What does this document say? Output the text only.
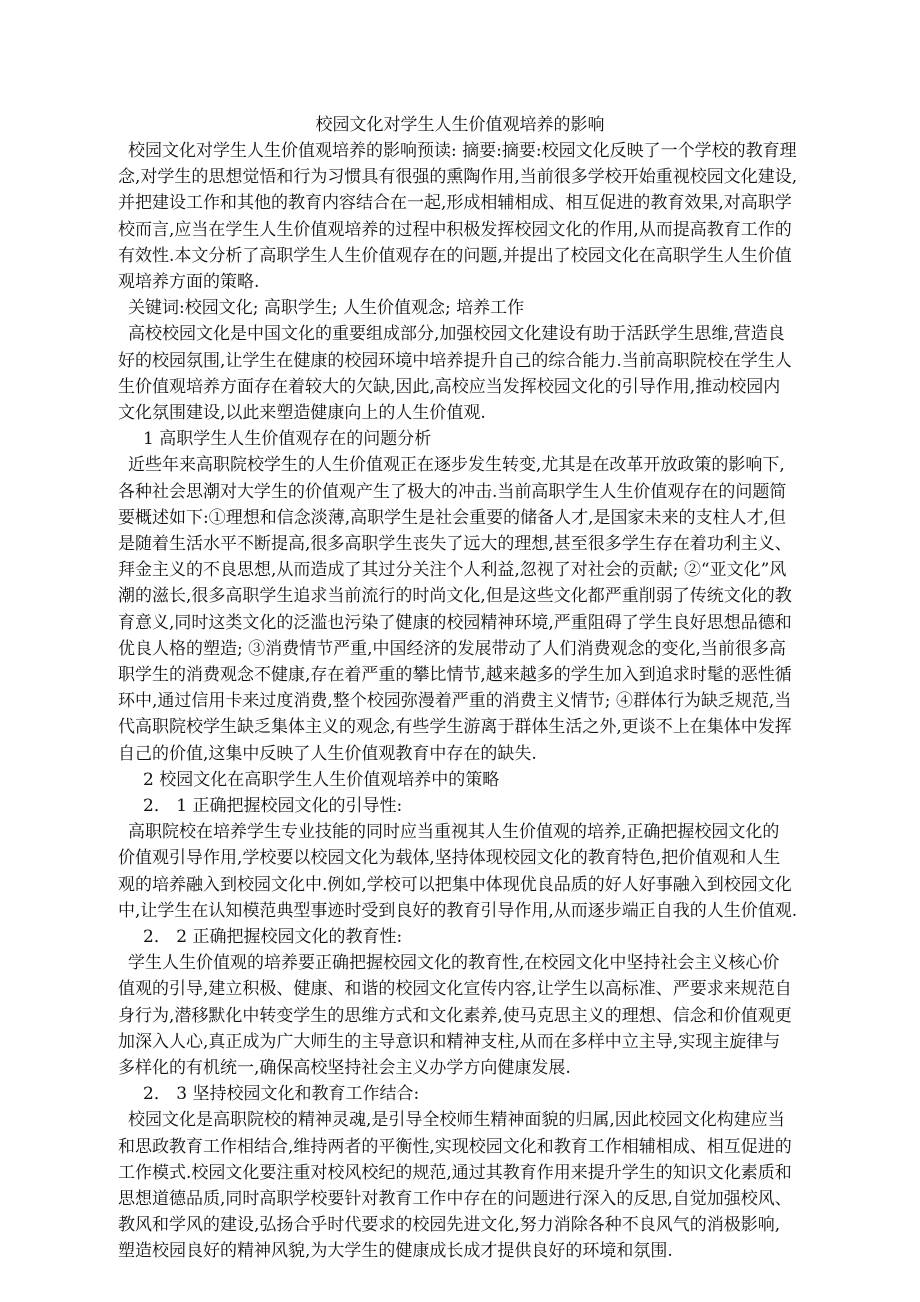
校园文化对学生人生价值观培养的影响
校园文化对学生人生价值观培养的影响预读: 摘要:摘要:校园文化反映了一个学校的教育理
念,对学生的思想觉悟和行为习惯具有很强的熏陶作用,当前很多学校开始重视校园文化建设,
并把建设工作和其他的教育内容结合在一起,形成相辅相成、相互促进的教育效果,对高职学
校而言,应当在学生人生价值观培养的过程中积极发挥校园文化的作用,从而提高教育工作的
有效性.本文分析了高职学生人生价值观存在的问题,并提出了校园文化在高职学生人生价值
观培养方面的策略.
关键词:校园文化; 高职学生; 人生价值观念; 培养工作
高校校园文化是中国文化的重要组成部分,加强校园文化建设有助于活跃学生思维,营造良
好的校园氛围,让学生在健康的校园环境中培养提升自己的综合能力.当前高职院校在学生人
生价值观培养方面存在着较大的欠缺,因此,高校应当发挥校园文化的引导作用,推动校园内
文化氛围建设,以此来塑造健康向上的人生价值观.
1 高职学生人生价值观存在的问题分析
近些年来高职院校学生的人生价值观正在逐步发生转变,尤其是在改革开放政策的影响下,
各种社会思潮对大学生的价值观产生了极大的冲击.当前高职学生人生价值观存在的问题简
要概述如下:①理想和信念淡薄,高职学生是社会重要的储备人才,是国家未来的支柱人才,但
是随着生活水平不断提高,很多高职学生丧失了远大的理想,甚至很多学生存在着功利主义、
拜金主义的不良思想,从而造成了其过分关注个人利益,忽视了对社会的贡献; ②“亚文化”风
潮的滋长,很多高职学生追求当前流行的时尚文化,但是这些文化都严重削弱了传统文化的教
育意义,同时这类文化的泛滥也污染了健康的校园精神环境,严重阻碍了学生良好思想品德和
优良人格的塑造; ③消费情节严重,中国经济的发展带动了人们消费观念的变化,当前很多高
职学生的消费观念不健康,存在着严重的攀比情节,越来越多的学生加入到追求时髦的恶性循
环中,通过信用卡来过度消费,整个校园弥漫着严重的消费主义情节; ④群体行为缺乏规范,当
代高职院校学生缺乏集体主义的观念,有些学生游离于群体生活之外,更谈不上在集体中发挥
自己的价值,这集中反映了人生价值观教育中存在的缺失.
2 校园文化在高职学生人生价值观培养中的策略
2． 1 正确把握校园文化的引导性:
高职院校在培养学生专业技能的同时应当重视其人生价值观的培养,正确把握校园文化的
价值观引导作用,学校要以校园文化为载体,坚持体现校园文化的教育特色,把价值观和人生
观的培养融入到校园文化中.例如,学校可以把集中体现优良品质的好人好事融入到校园文化
中,让学生在认知模范典型事迹时受到良好的教育引导作用,从而逐步端正自我的人生价值观.
2． 2 正确把握校园文化的教育性:
学生人生价值观的培养要正确把握校园文化的教育性,在校园文化中坚持社会主义核心价
值观的引导,建立积极、健康、和谐的校园文化宣传内容,让学生以高标准、严要求来规范自
身行为,潜移默化中转变学生的思维方式和文化素养,使马克思主义的理想、信念和价值观更
加深入人心,真正成为广大师生的主导意识和精神支柱,从而在多样中立主导,实现主旋律与
多样化的有机统一,确保高校坚持社会主义办学方向健康发展.
2． 3 坚持校园文化和教育工作结合:
校园文化是高职院校的精神灵魂,是引导全校师生精神面貌的归属,因此校园文化构建应当
和思政教育工作相结合,维持两者的平衡性,实现校园文化和教育工作相辅相成、相互促进的
工作模式.校园文化要注重对校风校纪的规范,通过其教育作用来提升学生的知识文化素质和
思想道德品质,同时高职学校要针对教育工作中存在的问题进行深入的反思,自觉加强校风、
教风和学风的建设,弘扬合乎时代要求的校园先进文化,努力消除各种不良风气的消极影响,
塑造校园良好的精神风貌,为大学生的健康成长成才提供良好的环境和氛围.
